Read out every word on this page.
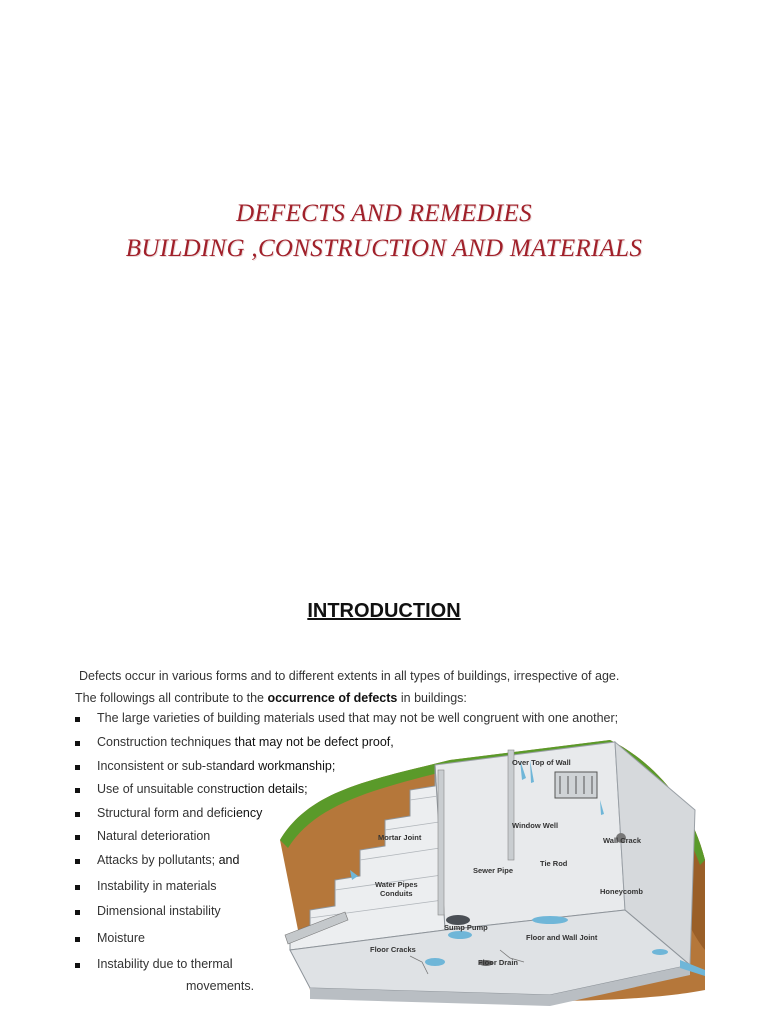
DEFECTS AND REMEDIES
BUILDING ,CONSTRUCTION AND MATERIALS
INTRODUCTION
Defects occur in various forms and to different extents in all types of buildings, irrespective of age.
The followings all contribute to the occurrence of defects in buildings:
The large varieties of building materials used that may not be well congruent with one another;
Construction techniques that may not be defect proof,
Inconsistent or sub-standard workmanship;
Use of unsuitable construction details;
Structural form and deficiency
Natural deterioration
Attacks by pollutants; and
Instability in materials
Dimensional instability
Moisture
Instability due to thermal
movements.
Over Top of Wall
Window Well
Wall Crack
Mortar Joint
Sewer Pipe
Tie Rod
Honeycomb
Water Pipes
Conduits
Sump Pump
Floor and Wall Joint
Floor Cracks
Floor Drain
